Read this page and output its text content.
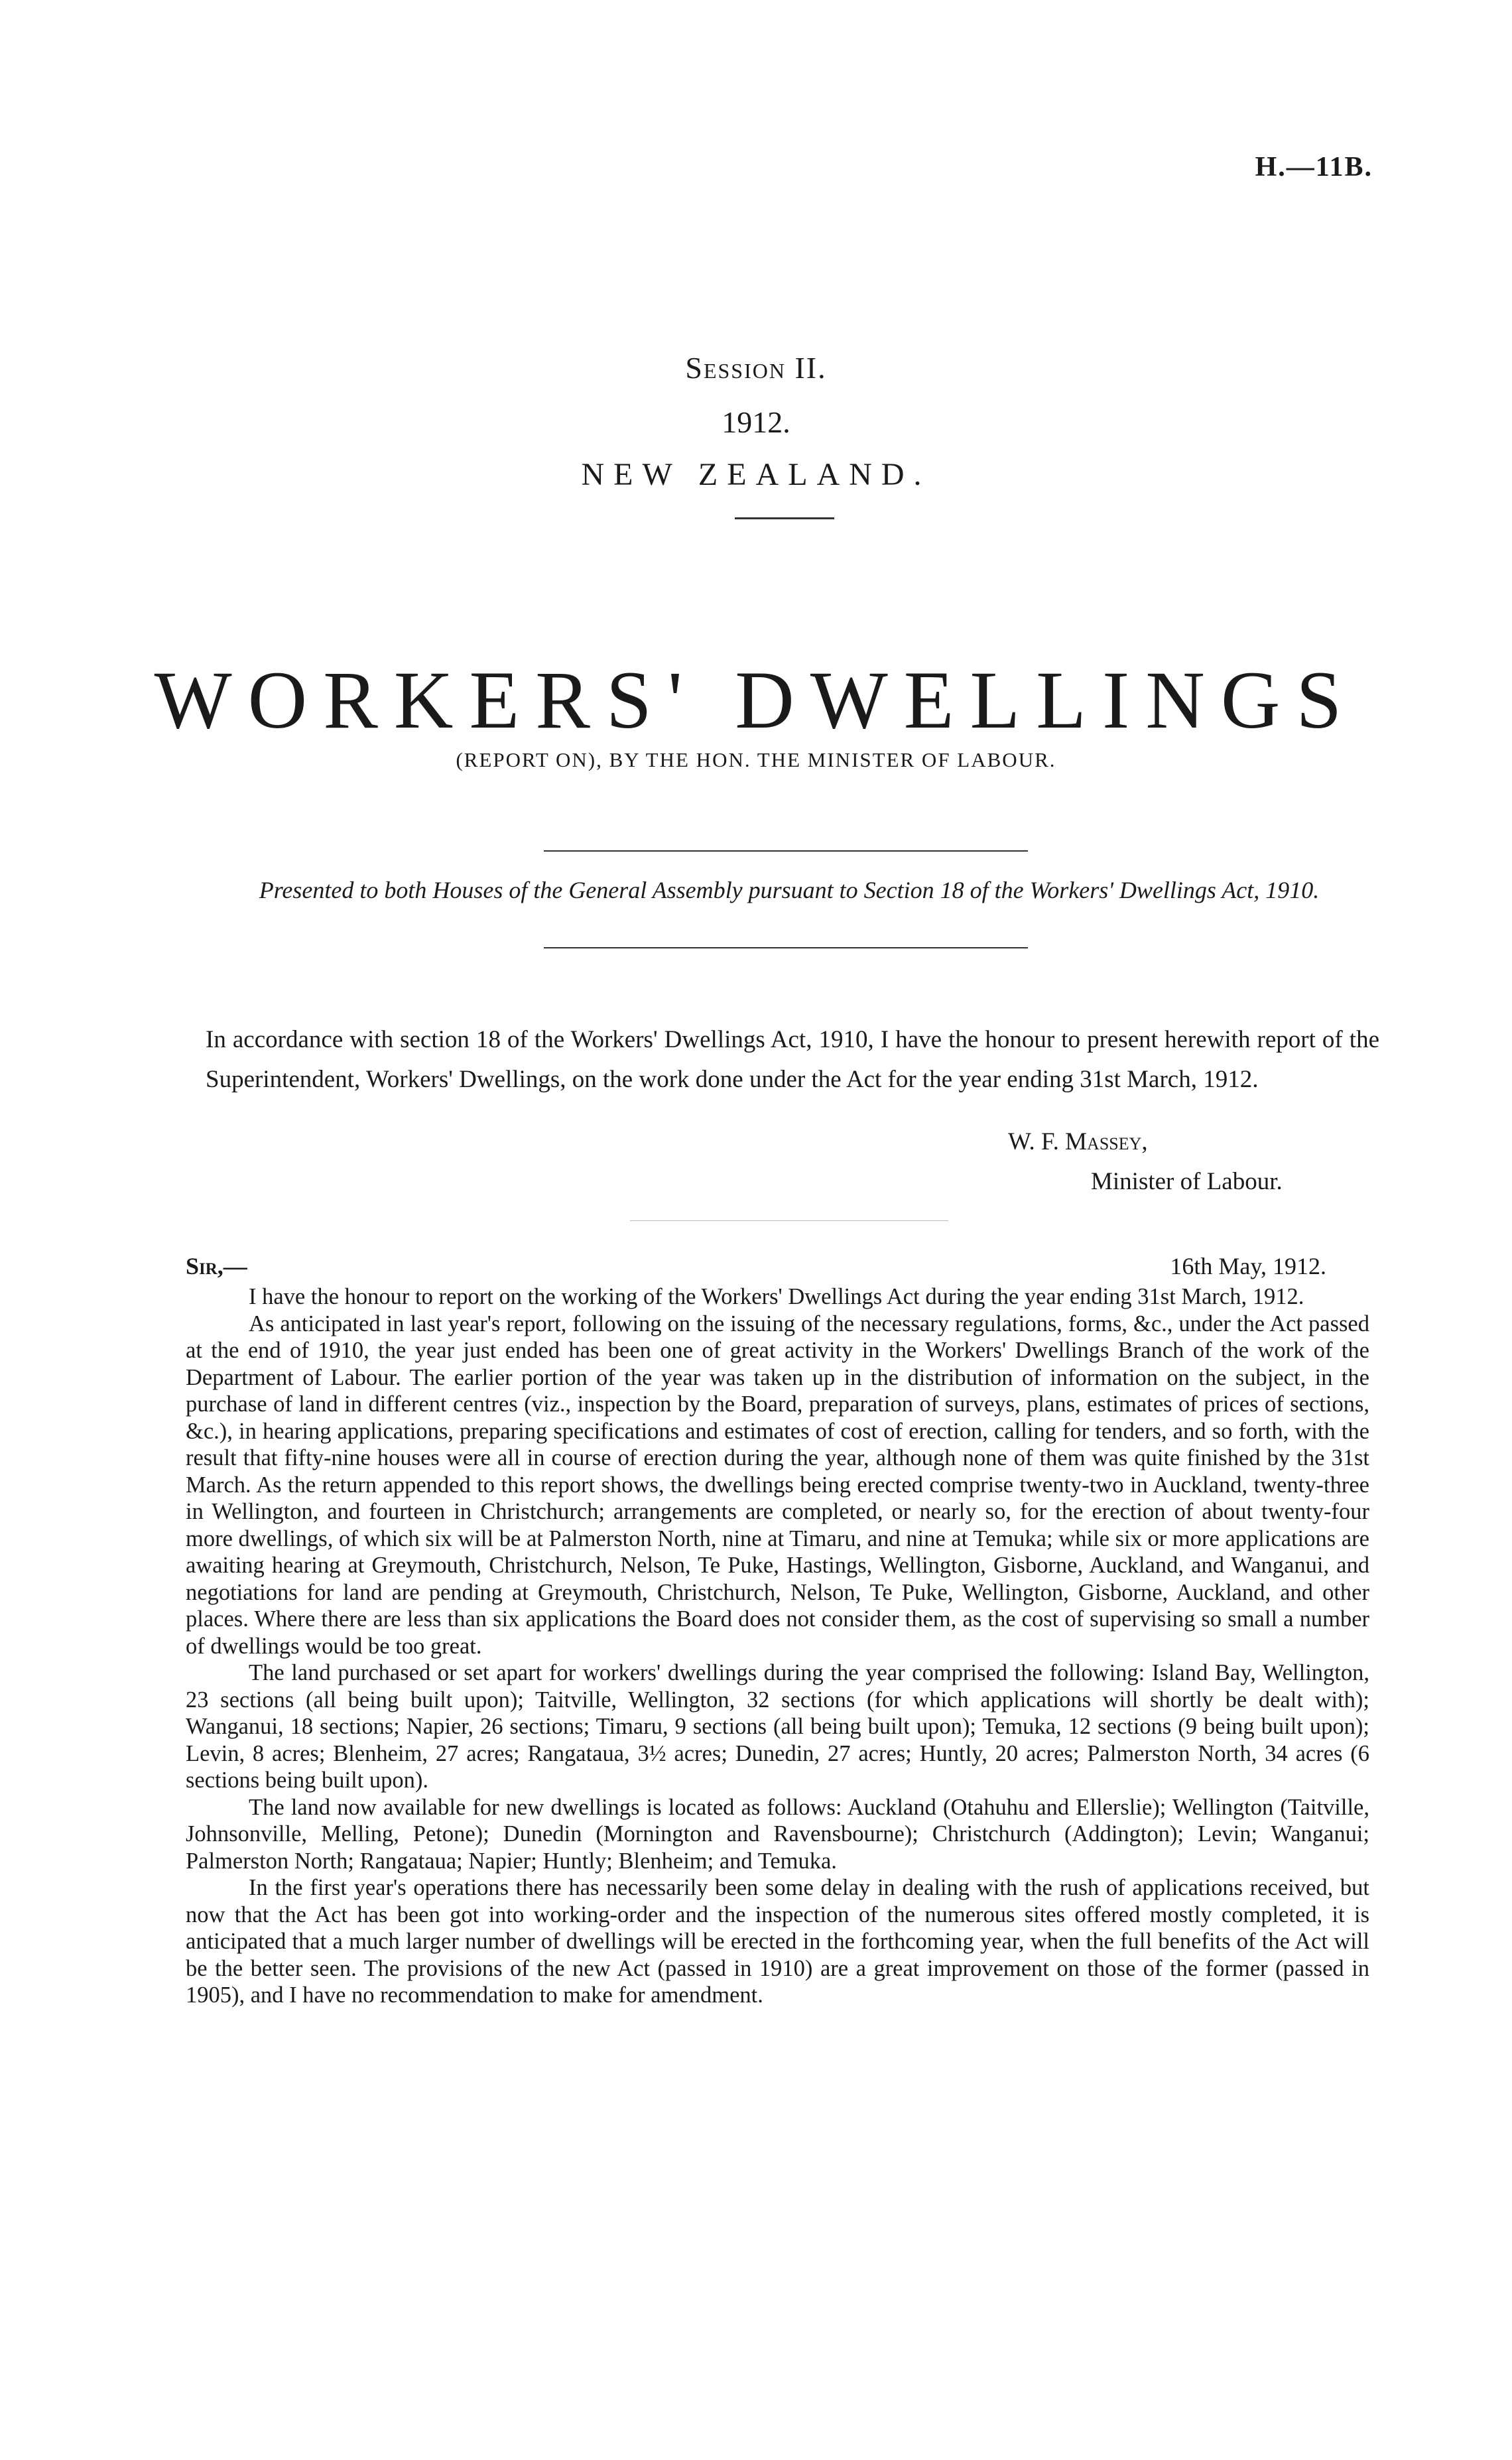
H.—11B.
Session II.
1912.
NEW ZEALAND.
WORKERS' DWELLINGS
(REPORT ON), BY THE HON. THE MINISTER OF LABOUR.
Presented to both Houses of the General Assembly pursuant to Section 18 of the Workers' Dwellings Act, 1910.
In accordance with section 18 of the Workers' Dwellings Act, 1910, I have the honour to present herewith report of the Superintendent, Workers' Dwellings, on the work done under the Act for the year ending 31st March, 1912.
W. F. Massey,
Minister of Labour.
Sir,—	16th May, 1912.

I have the honour to report on the working of the Workers' Dwellings Act during the year ending 31st March, 1912.

As anticipated in last year's report, following on the issuing of the necessary regulations, forms, &c., under the Act passed at the end of 1910, the year just ended has been one of great activity in the Workers' Dwellings Branch of the work of the Department of Labour. The earlier portion of the year was taken up in the distribution of information on the subject, in the purchase of land in different centres (viz., inspection by the Board, preparation of surveys, plans, estimates of prices of sections, &c.), in hearing applications, preparing specifications and estimates of cost of erection, calling for tenders, and so forth, with the result that fifty-nine houses were all in course of erection during the year, although none of them was quite finished by the 31st March. As the return appended to this report shows, the dwellings being erected comprise twenty-two in Auckland, twenty-three in Wellington, and fourteen in Christchurch; arrangements are completed, or nearly so, for the erection of about twenty-four more dwellings, of which six will be at Palmerston North, nine at Timaru, and nine at Temuka; while six or more applications are awaiting hearing at Greymouth, Christchurch, Nelson, Te Puke, Hastings, Wellington, Gisborne, Auckland, and Wanganui, and negotiations for land are pending at Greymouth, Christchurch, Nelson, Te Puke, Wellington, Gisborne, Auckland, and other places. Where there are less than six applications the Board does not consider them, as the cost of supervising so small a number of dwellings would be too great.

The land purchased or set apart for workers' dwellings during the year comprised the following: Island Bay, Wellington, 23 sections (all being built upon); Taitville, Wellington, 32 sections (for which applications will shortly be dealt with); Wanganui, 18 sections; Napier, 26 sections; Timaru, 9 sections (all being built upon); Temuka, 12 sections (9 being built upon); Levin, 8 acres; Blenheim, 27 acres; Rangataua, 3½ acres; Dunedin, 27 acres; Huntly, 20 acres; Palmerston North, 34 acres (6 sections being built upon).

The land now available for new dwellings is located as follows: Auckland (Otahuhu and Ellerslie); Wellington (Taitville, Johnsonville, Melling, Petone); Dunedin (Mornington and Ravensbourne); Christchurch (Addington); Levin; Wanganui; Palmerston North; Rangataua; Napier; Huntly; Blenheim; and Temuka.

In the first year's operations there has necessarily been some delay in dealing with the rush of applications received, but now that the Act has been got into working-order and the inspection of the numerous sites offered mostly completed, it is anticipated that a much larger number of dwellings will be erected in the forthcoming year, when the full benefits of the Act will be the better seen. The provisions of the new Act (passed in 1910) are a great improvement on those of the former (passed in 1905), and I have no recommendation to make for amendment.
